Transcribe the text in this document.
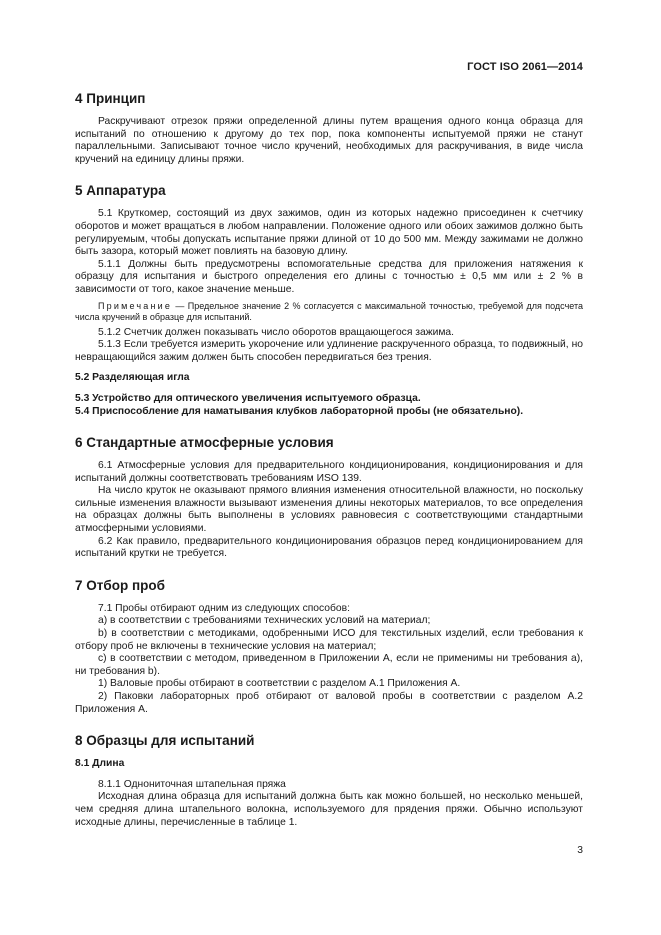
ГОСТ ISO 2061—2014
4 Принцип

Раскручивают отрезок пряжи определенной длины путем вращения одного конца образца для испытаний по отношению к другому до тех пор, пока компоненты испытуемой пряжи не станут параллельными. Записывают точное число кручений, необходимых для раскручивания, в виде числа кручений на единицу длины пряжи.

5 Аппаратура

5.1 Круткомер, состоящий из двух зажимов, один из которых надежно присоединен к счетчику оборотов и может вращаться в любом направлении. Положение одного или обоих зажимов должно быть регулируемым, чтобы допускать испытание пряжи длиной от 10 до 500 мм. Между зажимами не должно быть зазора, который может повлиять на базовую длину.

5.1.1 Должны быть предусмотрены вспомогательные средства для приложения натяжения к образцу для испытания и быстрого определения его длины с точностью ± 0,5 мм или ± 2 % в зависимости от того, какое значение меньше.

Примечание — Предельное значение 2 % согласуется с максимальной точностью, требуемой для подсчета числа кручений в образце для испытаний.

5.1.2 Счетчик должен показывать число оборотов вращающегося зажима.

5.1.3 Если требуется измерить укорочение или удлинение раскрученного образца, то подвижный, но невращающийся зажим должен быть способен передвигаться без трения.

5.2 Разделяющая игла
5.3 Устройство для оптического увеличения испытуемого образца.
5.4 Приспособление для наматывания клубков лабораторной пробы (не обязательно).
6 Стандартные атмосферные условия

6.1 Атмосферные условия для предварительного кондиционирования, кондиционирования и для испытаний должны соответствовать требованиям ИSO 139.

На число круток не оказывают прямого влияния изменения относительной влажности, но поскольку сильные изменения влажности вызывают изменения длины некоторых материалов, то все определения на образцах должны быть выполнены в условиях равновесия с соответствующими стандартными атмосферными условиями.

6.2 Как правило, предварительного кондиционирования образцов перед кондиционированием для испытаний крутки не требуется.

7 Отбор проб

7.1 Пробы отбирают одним из следующих способов:

а) в соответствии с требованиями технических условий на материал;

b) в соответствии с методиками, одобренными ИСО для текстильных изделий, если требования к отбору проб не включены в технические условия на материал;

с) в соответствии с методом, приведенном в Приложении А, если не применимы ни требования а), ни требования b).

1) Валовые пробы отбирают в соответствии с разделом А.1 Приложения А.

2) Паковки лабораторных проб отбирают от валовой пробы в соответствии с разделом А.2 Приложения А.

8 Образцы для испытаний
8.1 Длина

8.1.1 Однониточная штапельная пряжа

Исходная длина образца для испытаний должна быть как можно большей, но несколько меньшей, чем средняя длина штапельного волокна, используемого для прядения пряжи. Обычно используют исходные длины, перечисленные в таблице 1.

3
